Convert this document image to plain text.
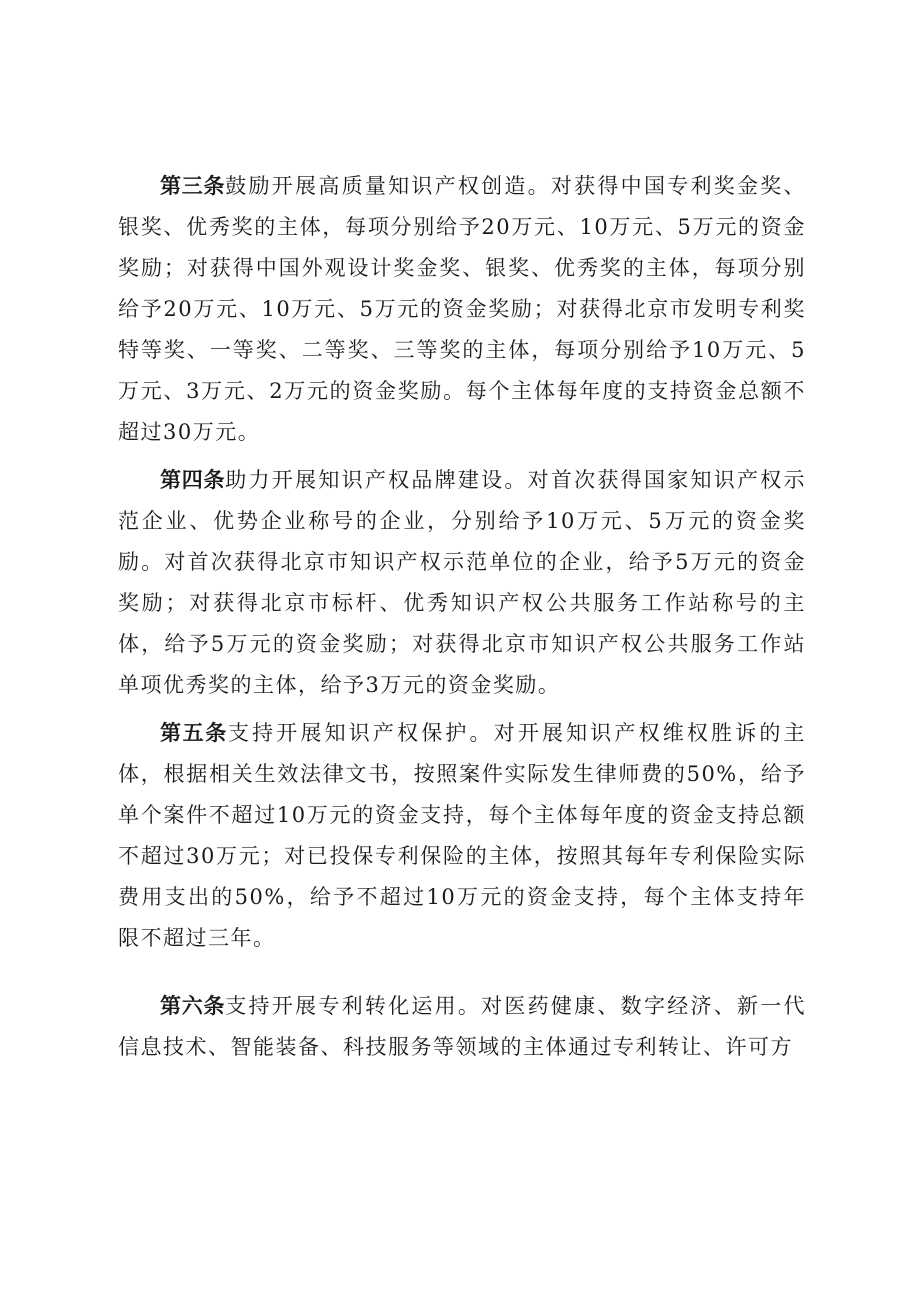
第三条鼓励开展高质量知识产权创造。对获得中国专利奖金奖、银奖、优秀奖的主体，每项分别给予20万元、10万元、5万元的资金奖励；对获得中国外观设计奖金奖、银奖、优秀奖的主体，每项分别给予20万元、10万元、5万元的资金奖励；对获得北京市发明专利奖特等奖、一等奖、二等奖、三等奖的主体，每项分别给予10万元、5万元、3万元、2万元的资金奖励。每个主体每年度的支持资金总额不超过30万元。

第四条助力开展知识产权品牌建设。对首次获得国家知识产权示范企业、优势企业称号的企业，分别给予10万元、5万元的资金奖励。对首次获得北京市知识产权示范单位的企业，给予5万元的资金奖励；对获得北京市标杆、优秀知识产权公共服务工作站称号的主体，给予5万元的资金奖励；对获得北京市知识产权公共服务工作站单项优秀奖的主体，给予3万元的资金奖励。

第五条支持开展知识产权保护。对开展知识产权维权胜诉的主体，根据相关生效法律文书，按照案件实际发生律师费的50%，给予单个案件不超过10万元的资金支持，每个主体每年度的资金支持总额不超过30万元；对已投保专利保险的主体，按照其每年专利保险实际费用支出的50%，给予不超过10万元的资金支持，每个主体支持年限不超过三年。

第六条支持开展专利转化运用。对医药健康、数字经济、新一代信息技术、智能装备、科技服务等领域的主体通过专利转让、许可方
